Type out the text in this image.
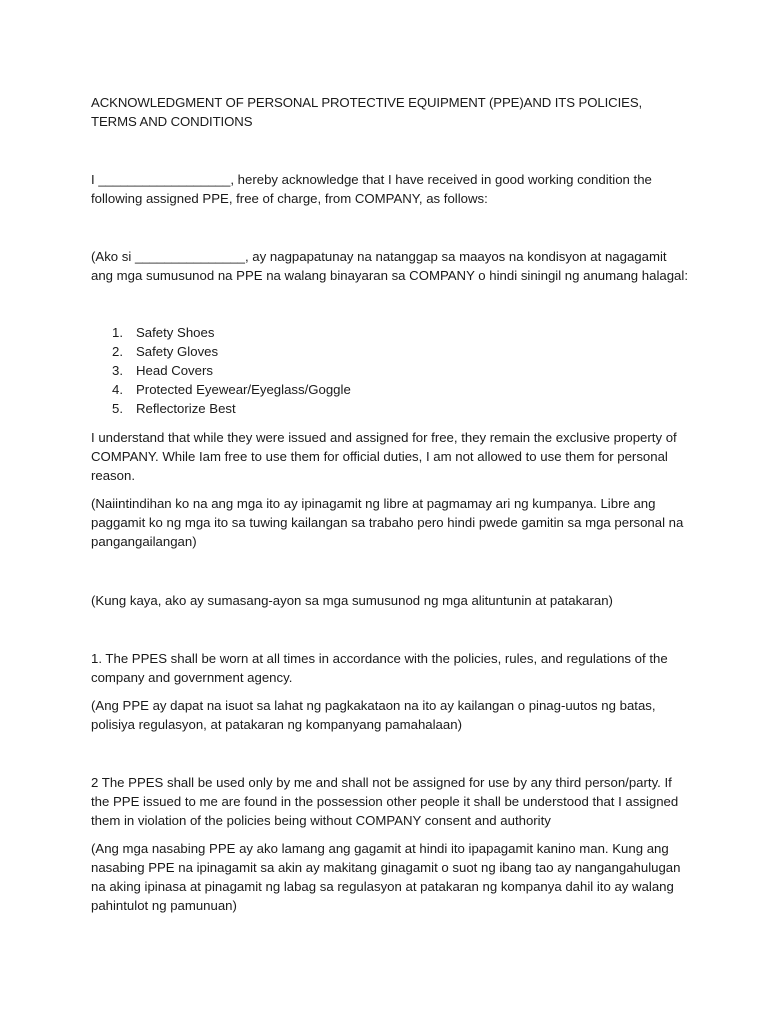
ACKNOWLEDGMENT OF PERSONAL PROTECTIVE EQUIPMENT (PPE)AND ITS POLICIES, TERMS AND CONDITIONS

I __________________, hereby acknowledge that I have received in good working condition the following assigned PPE, free of charge, from COMPANY, as follows:

(Ako si _______________, ay nagpapatunay na natanggap sa maayos na kondisyon at nagagamit ang mga sumusunod na PPE na walang binayaran sa COMPANY o hindi siningil ng anumang halagal:

1. Safety Shoes
2. Safety Gloves
3. Head Covers
4. Protected Eyewear/Eyeglass/Goggle
5. Reflectorize Best

I understand that while they were issued and assigned for free, they remain the exclusive property of COMPANY. While Iam free to use them for official duties, I am not allowed to use them for personal reason.

(Naiintindihan ko na ang mga ito ay ipinagamit ng libre at pagmamay ari ng kumpanya. Libre ang paggamit ko ng mga ito sa tuwing kailangan sa trabaho pero hindi pwede gamitin sa mga personal na pangangailangan)

(Kung kaya, ako ay sumasang-ayon sa mga sumusunod ng mga alituntunin at patakaran)

1. The PPES shall be worn at all times in accordance with the policies, rules, and regulations of the company and government agency.

(Ang PPE ay dapat na isuot sa lahat ng pagkakataon na ito ay kailangan o pinag-uutos ng batas, polisiya regulasyon, at patakaran ng kompanyang pamahalaan)

2 The PPES shall be used only by me and shall not be assigned for use by any third person/party. If the PPE issued to me are found in the possession other people it shall be understood that I assigned them in violation of the policies being without COMPANY consent and authority

(Ang mga nasabing PPE ay ako lamang ang gagamit at hindi ito ipapagamit kanino man. Kung ang nasabing PPE na ipinagamit sa akin ay makitang ginagamit o suot ng ibang tao ay nangangahulugan na aking ipinasa at pinagamit ng labag sa regulasyon at patakaran ng kompanya dahil ito ay walang pahintulot ng pamunuan)
